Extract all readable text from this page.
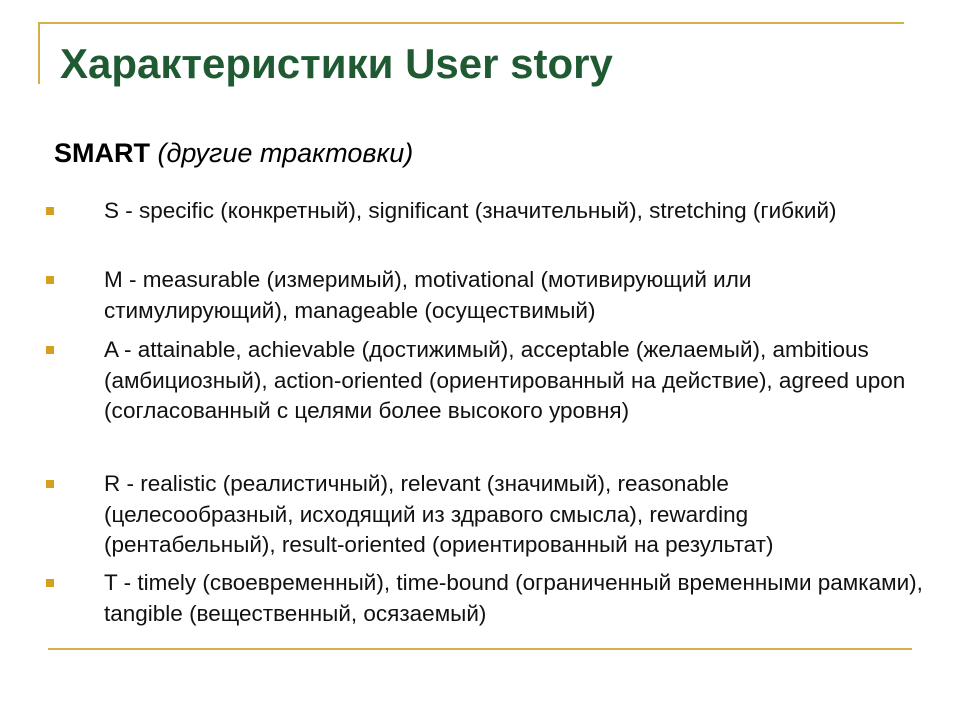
Характеристики User story

SMART (другие трактовки)

S - specific (конкретный), significant (значительный), stretching (гибкий)

M - measurable (измеримый), motivational (мотивирующий или стимулирующий), manageable (осуществимый)

A - attainable, achievable (достижимый), acceptable (желаемый), ambitious (амбициозный), action-oriented (ориентированный на действие), agreed upon (согласованный с целями более высокого уровня)

R - realistic (реалистичный), relevant (значимый), reasonable (целесообразный, исходящий из здравого смысла), rewarding (рентабельный), result-oriented (ориентированный на результат)

T - timely (своевременный), time-bound (ограниченный временными рамками), tangible (вещественный, осязаемый)
